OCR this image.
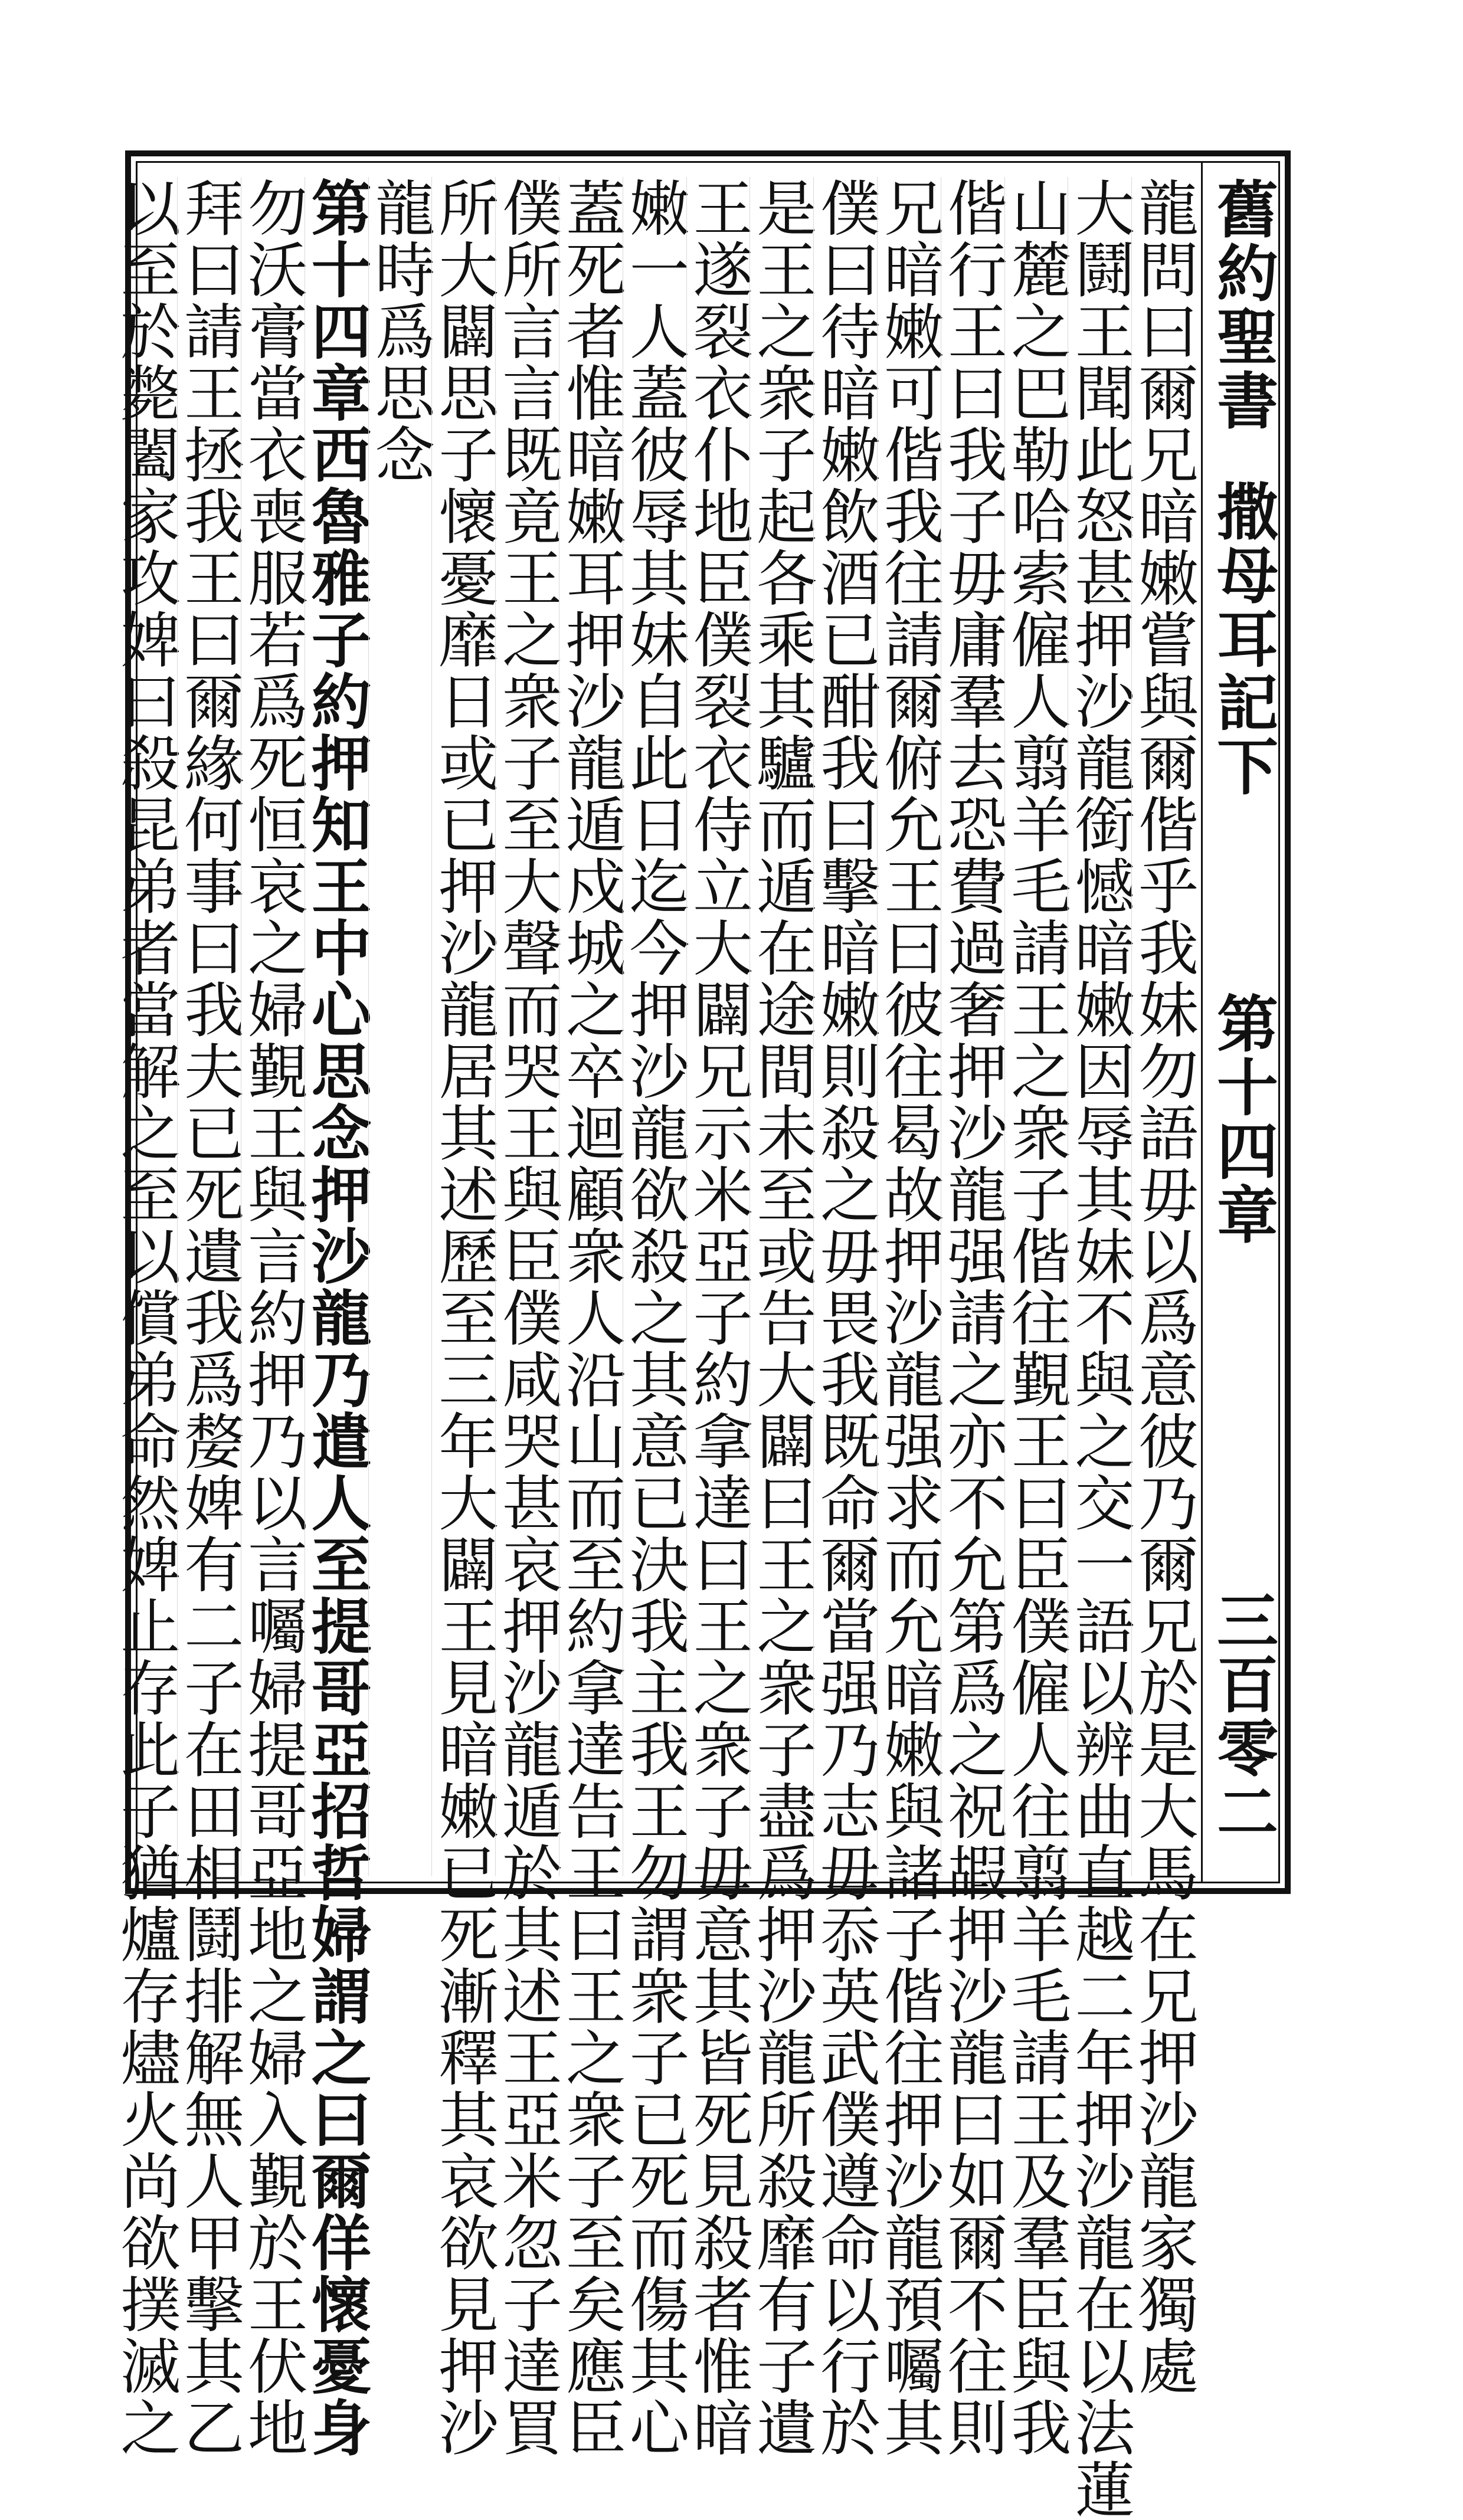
舊約聖書
撒母耳記下
第十四章
三百零二
龍問曰爾兄暗嫩嘗與爾偕乎我妹勿語毋以爲意彼乃爾兄於是大馬在兄押沙龍家獨處
大鬪王聞此怒甚押沙龍銜憾暗嫩因辱其妹不與之交一語以辨曲直越二年押沙龍在以法蓮
山麓之巴勒哈索僱人翦羊毛請王之衆子偕往覲王曰臣僕僱人往翦羊毛請王及羣臣與我
偕行王曰我子毋庸羣去恐費過奢押沙龍强請之亦不允第爲之祝嘏押沙龍曰如爾不往則
兄暗嫩可偕我往請爾俯允王曰彼往曷故押沙龍强求而允暗嫩與諸子偕往押沙龍預囑其
僕曰待暗嫩飲酒已酣我曰擊暗嫩則殺之毋畏我既命爾當强乃志毋忝英武僕遵命以行於
是王之衆子起各乘其驢而遁在途間未至或告大闢曰王之衆子盡爲押沙龍所殺靡有子遺
王遂裂衣仆地臣僕裂衣侍立大闢兄示米亞子約拿達曰王之衆子毋意其皆死見殺者惟暗
嫩一人蓋彼辱其妹自此日迄今押沙龍欲殺之其意已決我主我王勿謂衆子已死而傷其心
蓋死者惟暗嫩耳押沙龍遁戍城之卒迴顧衆人沿山而至約拿達告王曰王之衆子至矣應臣
僕所言言既竟王之衆子至大聲而哭王與臣僕咸哭甚哀押沙龍遁於其述王亞米忽子達買
所大闢思子懷憂靡日或已押沙龍居其述歷至三年大闢王見暗嫩已死漸釋其哀欲見押沙
龍時爲思念
第十四章西魯雅子約押知王中心思念押沙龍乃遣人至提哥亞招哲婦謂之曰爾佯懷憂身
勿沃膏當衣喪服若爲死恒哀之婦覲王與言約押乃以言囑婦提哥亞地之婦入覲於王伏地
拜曰請王拯我王曰爾緣何事曰我夫已死遺我爲嫠婢有二子在田相鬪排解無人甲擊其乙
以至於斃闔家攻婢曰殺昆弟者當解之至以償弟命然婢止存此子猶爐存燼火尚欲撲滅之
